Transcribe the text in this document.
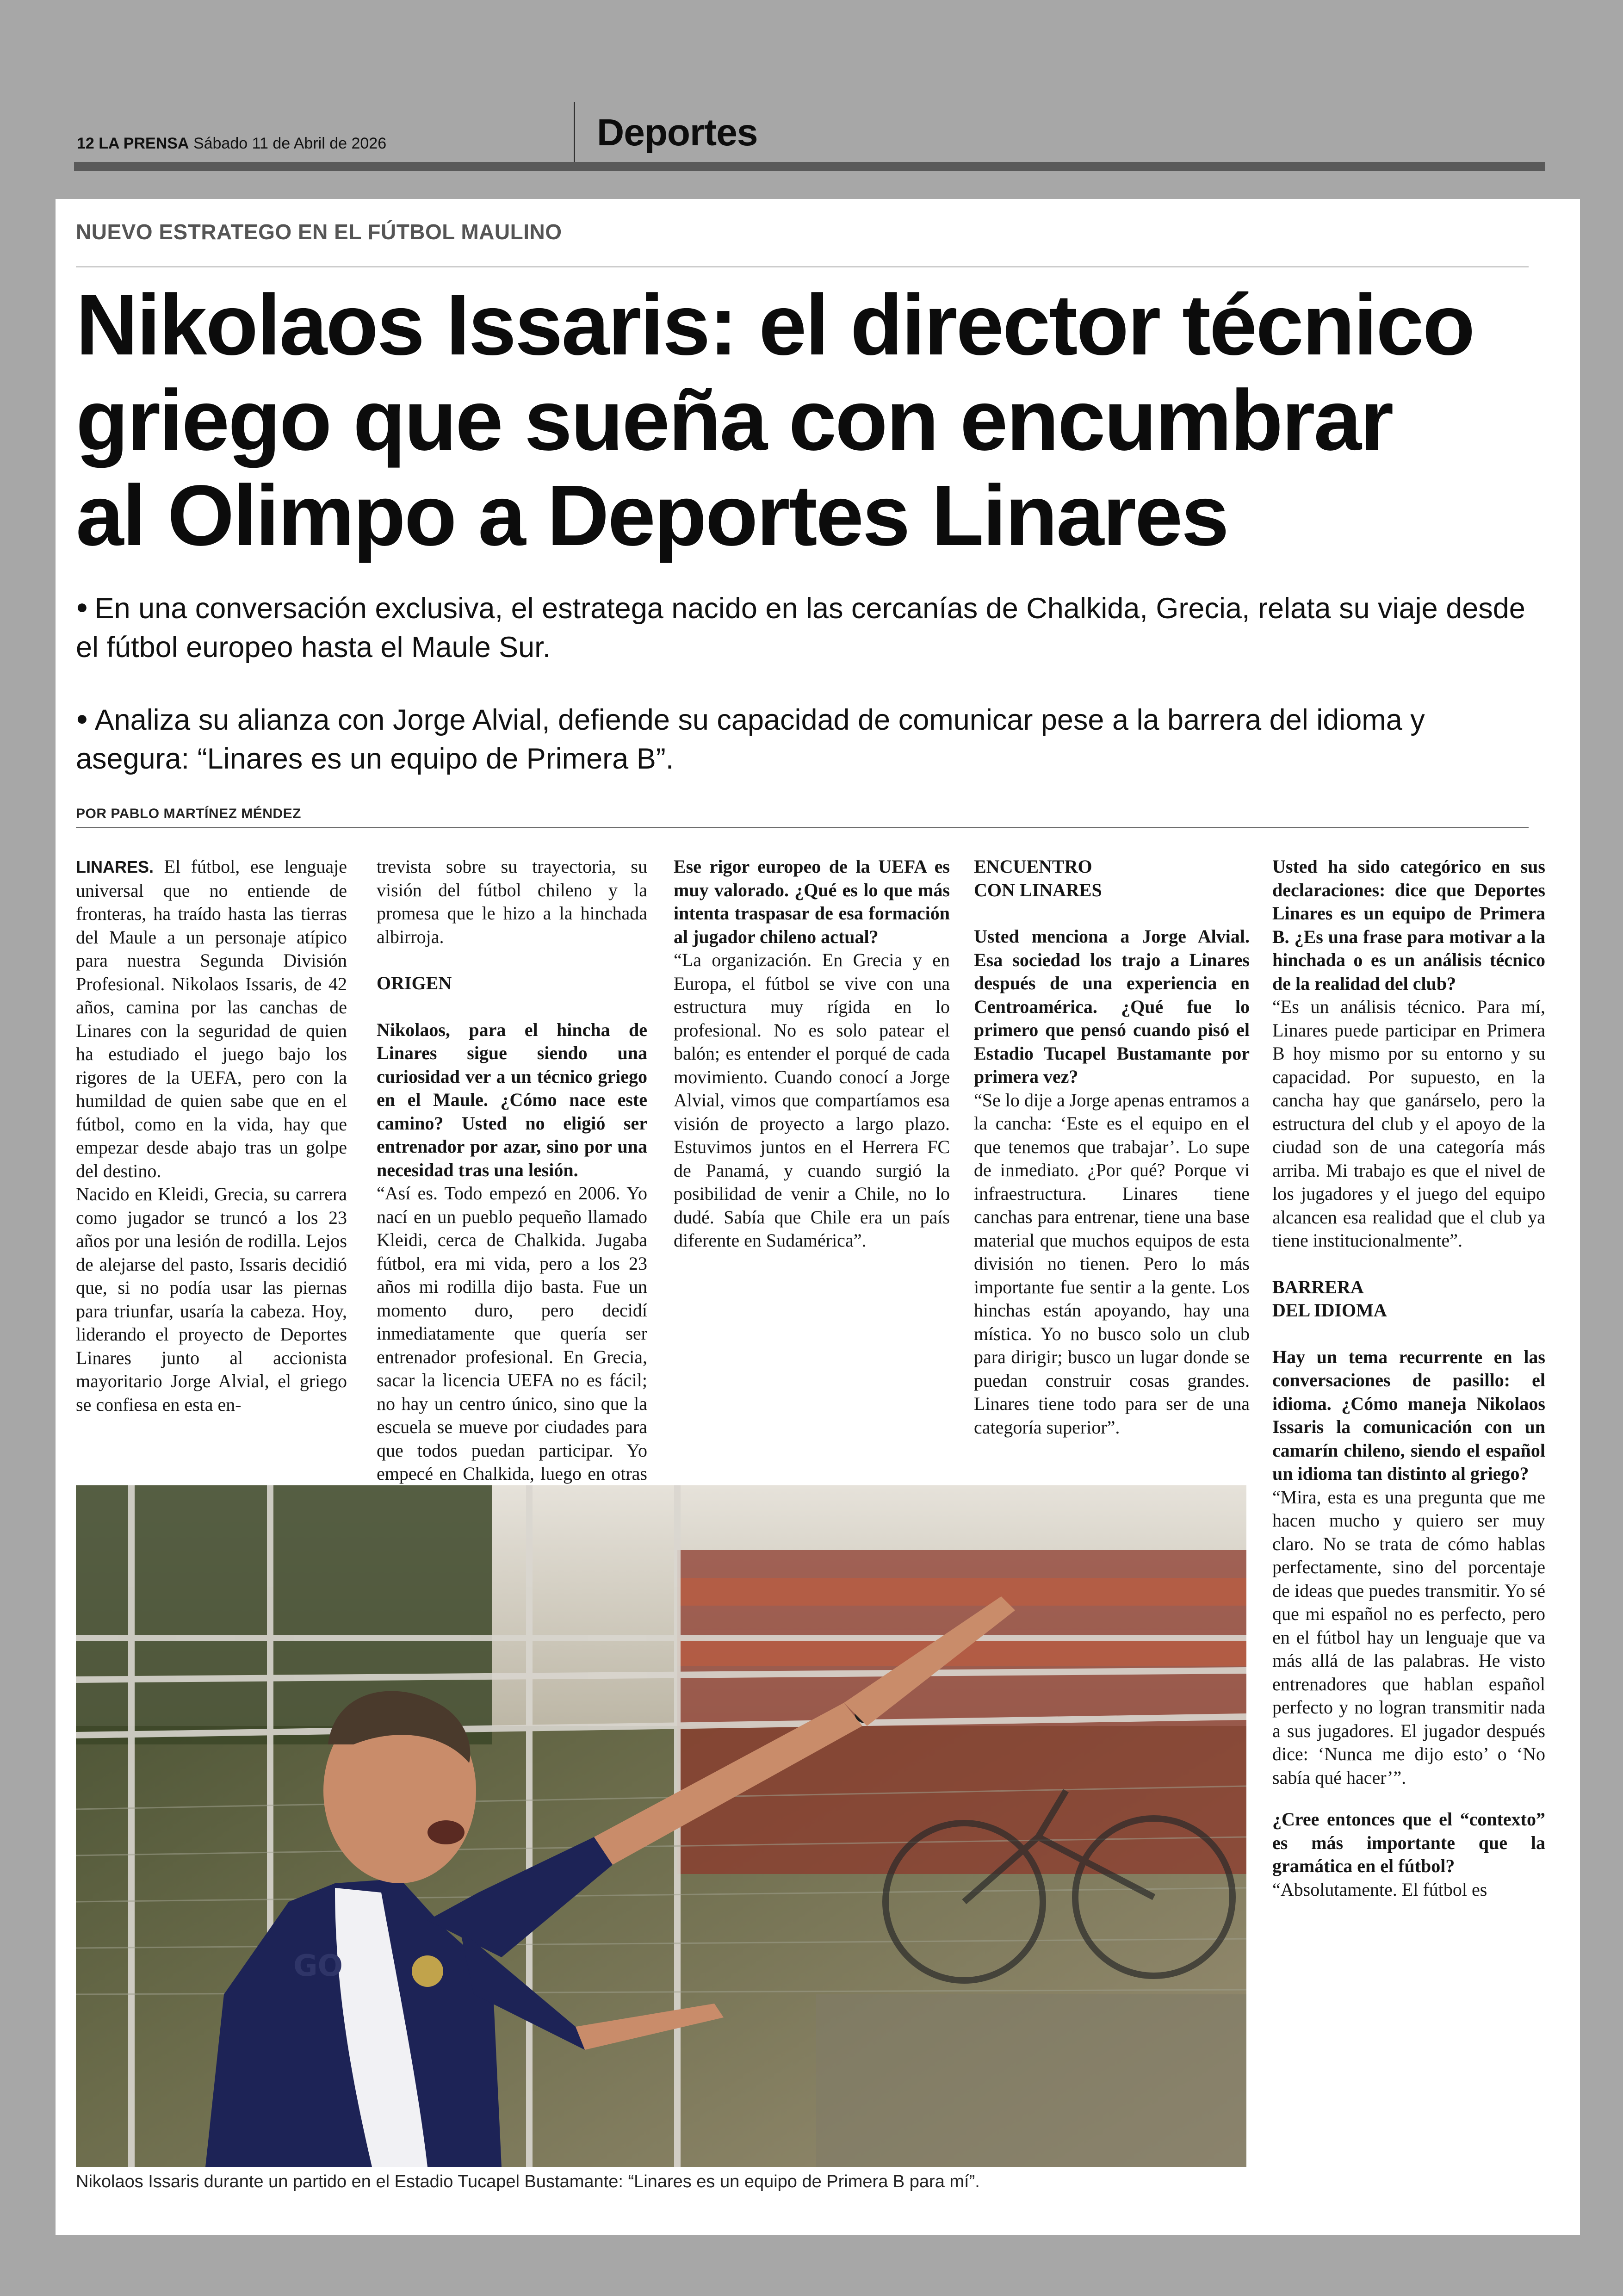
12 LA PRENSA Sábado 11 de Abril de 2026	Deportes
NUEVO ESTRATEGO EN EL FÚTBOL MAULINO
Nikolaos Issaris: el director técnico
griego que sueña con encumbrar
al Olimpo a Deportes Linares

● En una conversación exclusiva, el estratega nacido en las cercanías de Chalkida, Grecia, relata su viaje desde el fútbol europeo hasta el Maule Sur.

● Analiza su alianza con Jorge Alvial, defiende su capacidad de comunicar pese a la barrera del idioma y asegura: “Linares es un equipo de Primera B”.

POR PABLO MARTÍNEZ MÉNDEZ

LINARES. El fútbol, ese lenguaje universal que no entiende de fronteras, ha traído hasta las tierras del Maule a un personaje atípico para nuestra Segunda División Profesional. Nikolaos Issaris, de 42 años, camina por las canchas de Linares con la seguridad de quien ha estudiado el juego bajo los rigores de la UEFA, pero con la humildad de quien sabe que en el fútbol, como en la vida, hay que empezar desde abajo tras un golpe del destino.

Nacido en Kleidi, Grecia, su carrera como jugador se truncó a los 23 años por una lesión de rodilla. Lejos de alejarse del pasto, Issaris decidió que, si no podía usar las piernas para triunfar, usaría la cabeza. Hoy, liderando el proyecto de Deportes Linares junto al accionista mayoritario Jorge Alvial, el griego se confiesa en esta en-

trevista sobre su trayectoria, su visión del fútbol chileno y la promesa que le hizo a la hinchada albirroja.

ORIGEN

Nikolaos, para el hincha de Linares sigue siendo una curiosidad ver a un técnico griego en el Maule. ¿Cómo nace este camino? Usted no eligió ser entrenador por azar, sino por una necesidad tras una lesión.

“Así es. Todo empezó en 2006. Yo nací en un pueblo pequeño llamado Kleidi, cerca de Chalkida. Jugaba fútbol, era mi vida, pero a los 23 años mi rodilla dijo basta. Fue un momento duro, pero decidí inmediatamente que quería ser entrenador profesional. En Grecia, sacar la licencia UEFA no es fácil; no hay un centro único, sino que la escuela se mueve por ciudades para que todos puedan participar. Yo empecé en Chalkida, luego en otras

Ese rigor europeo de la UEFA es muy valorado. ¿Qué es lo que más intenta traspasar de esa formación al jugador chileno actual?

“La organización. En Grecia y en Europa, el fútbol se vive con una estructura muy rígida en lo profesional. No es solo patear el balón; es entender el porqué de cada movimiento. Cuando conocí a Jorge Alvial, vimos que compartíamos esa visión de proyecto a largo plazo. Estuvimos juntos en el Herrera FC de Panamá, y cuando surgió la posibilidad de venir a Chile, no lo dudé. Sabía que Chile era un país diferente en Sudamérica”.

ENCUENTRO
CON LINARES

Usted menciona a Jorge Alvial. Esa sociedad los trajo a Linares después de una experiencia en Centroamérica. ¿Qué fue lo primero que pensó cuando pisó el Estadio Tucapel Bustamante por primera vez?

“Se lo dije a Jorge apenas entramos a la cancha: ‘Este es el equipo en el que tenemos que trabajar’. Lo supe de inmediato. ¿Por qué? Porque vi infraestructura. Linares tiene canchas para entrenar, tiene una base material que muchos equipos de esta división no tienen. Pero lo más importante fue sentir a la gente. Los hinchas están apoyando, hay una mística. Yo no busco solo un club para dirigir; busco un lugar donde se puedan construir cosas grandes. Linares tiene todo para ser de una categoría superior”.

Usted ha sido categórico en sus declaraciones: dice que Deportes Linares es un equipo de Primera B. ¿Es una frase para motivar a la hinchada o es un análisis técnico de la realidad del club?

“Es un análisis técnico. Para mí, Linares puede participar en Primera B hoy mismo por su entorno y su capacidad. Por supuesto, en la cancha hay que ganárselo, pero la estructura del club y el apoyo de la ciudad son de una categoría más arriba. Mi trabajo es que el nivel de los jugadores y el juego del equipo alcancen esa realidad que el club ya tiene institucionalmente”.

BARRERA
DEL IDIOMA

Hay un tema recurrente en las conversaciones de pasillo: el idioma. ¿Cómo maneja Nikolaos Issaris la comunicación con un camarín chileno, siendo el español un idioma tan distinto al griego?

“Mira, esta es una pregunta que me hacen mucho y quiero ser muy claro. No se trata de cómo hablas perfectamente, sino del porcentaje de ideas que puedes transmitir. Yo sé que mi español no es perfecto, pero en el fútbol hay un lenguaje que va más allá de las palabras. He visto entrenadores que hablan español perfecto y no logran transmitir nada a sus jugadores. El jugador después dice: ‘Nunca me dijo esto’ o ‘No sabía qué hacer’”.

¿Cree entonces que el “contexto” es más importante que la gramática en el fútbol?

“Absolutamente. El fútbol es

GO
Nikolaos Issaris durante un partido en el Estadio Tucapel Bustamante: “Linares es un equipo de Primera B para mí”.
